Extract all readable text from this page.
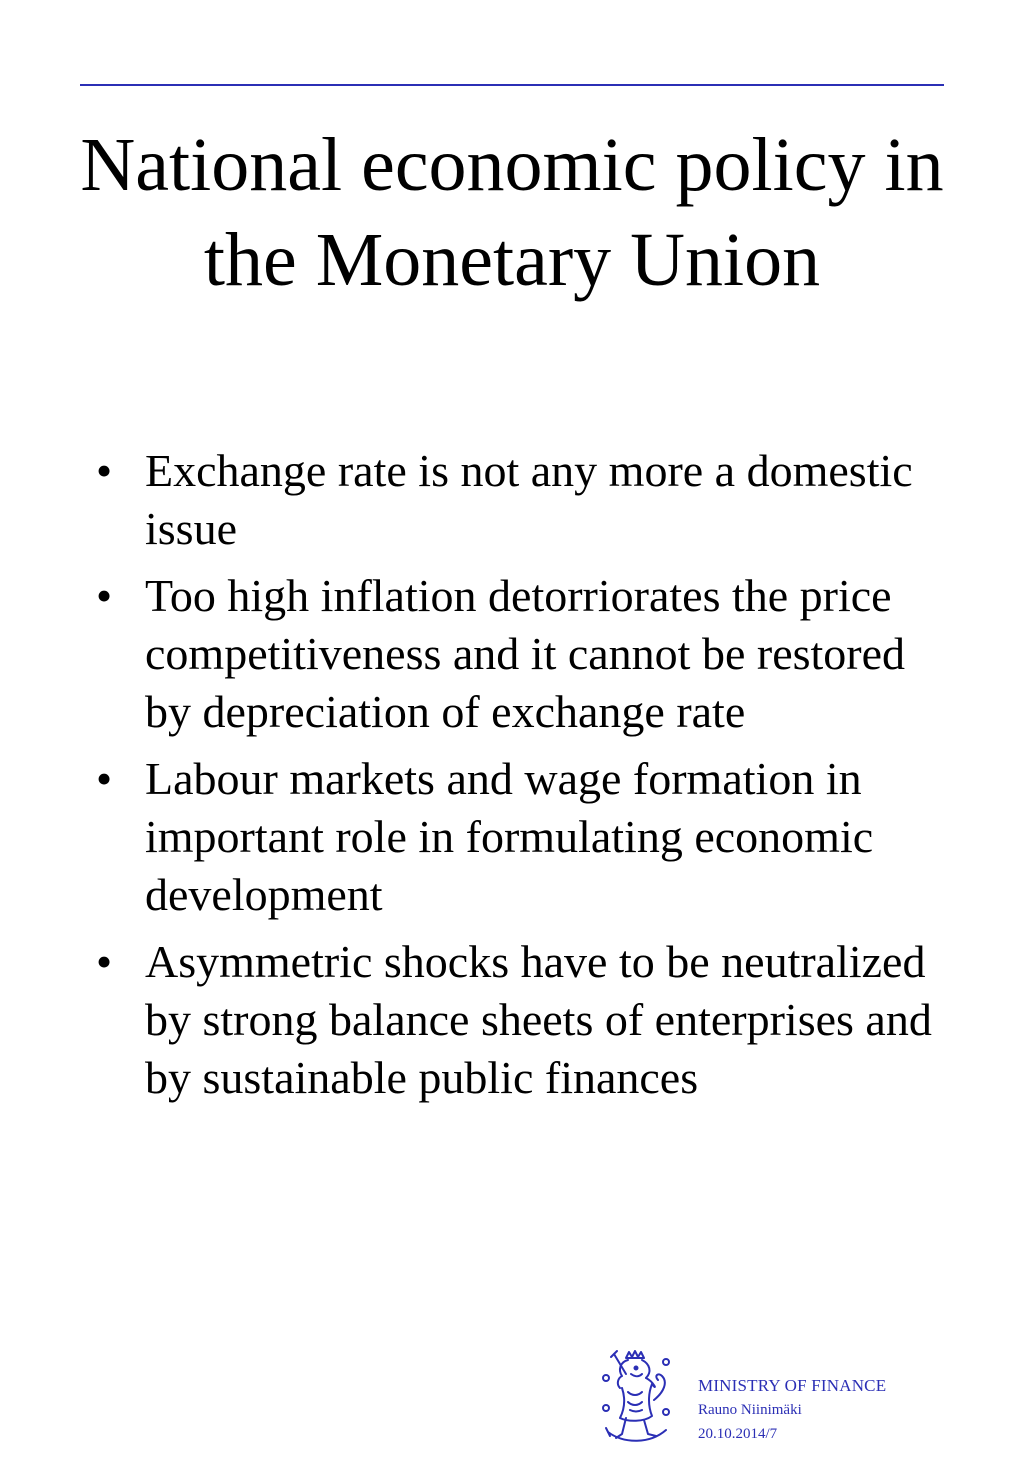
National economic policy in the Monetary Union
• Exchange rate is not any more a domestic issue
• Too high inflation detorriorates the price competitiveness and it cannot be restored by depreciation of exchange rate
• Labour markets and wage formation in important role in formulating economic development
• Asymmetric shocks have to be neutralized by strong balance sheets of enterprises and by sustainable public finances
MINISTRY OF FINANCE
Rauno Niinimäki
20.10.2014/7
